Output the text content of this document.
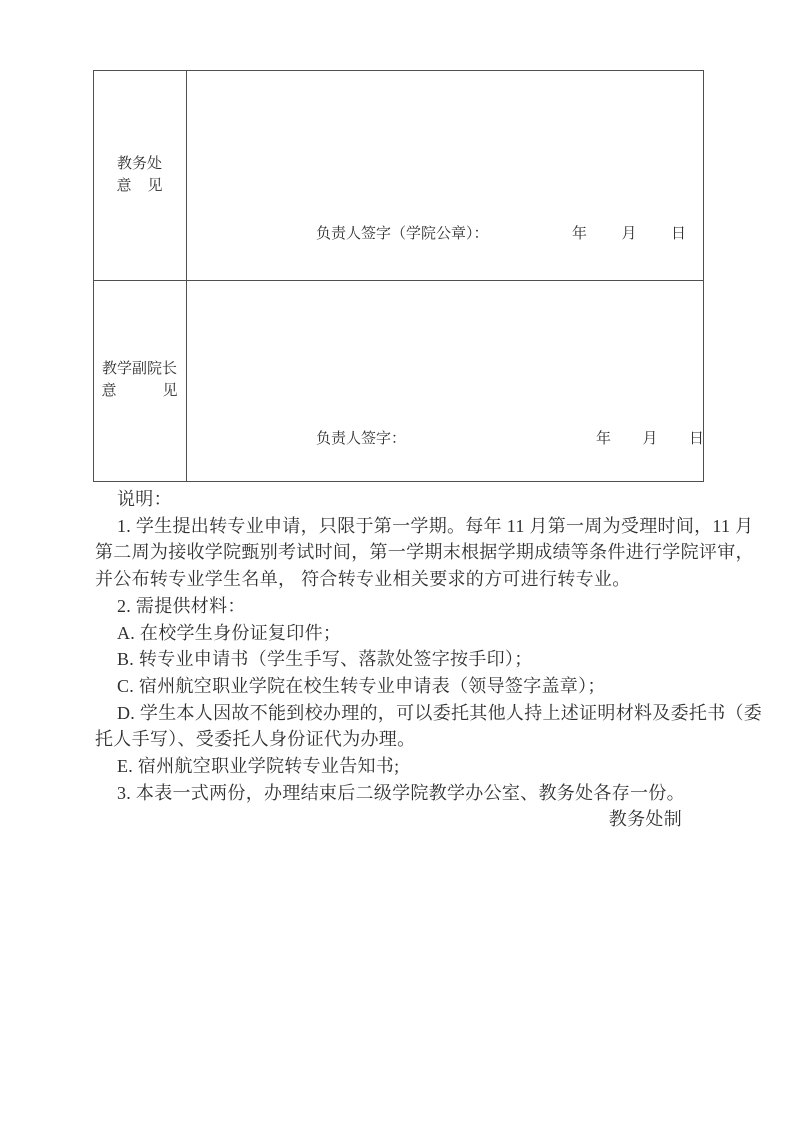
教务处
意 见
负责人签字（学院公章）：	年 月 日
教学副院长
意	见
负责人签字：	年 月 日
说明：
1. 学生提出转专业申请，只限于第一学期。每年 11 月第一周为受理时间，11 月
第二周为接收学院甄别考试时间，第一学期末根据学期成绩等条件进行学院评审，
并公布转专业学生名单， 符合转专业相关要求的方可进行转专业。
2. 需提供材料：
A. 在校学生身份证复印件；
B. 转专业申请书（学生手写、落款处签字按手印）；
C. 宿州航空职业学院在校生转专业申请表（领导签字盖章）；
D. 学生本人因故不能到校办理的，可以委托其他人持上述证明材料及委托书（委
托人手写）、受委托人身份证代为办理。
E. 宿州航空职业学院转专业告知书;
3. 本表一式两份，办理结束后二级学院教学办公室、教务处各存一份。
教务处制
